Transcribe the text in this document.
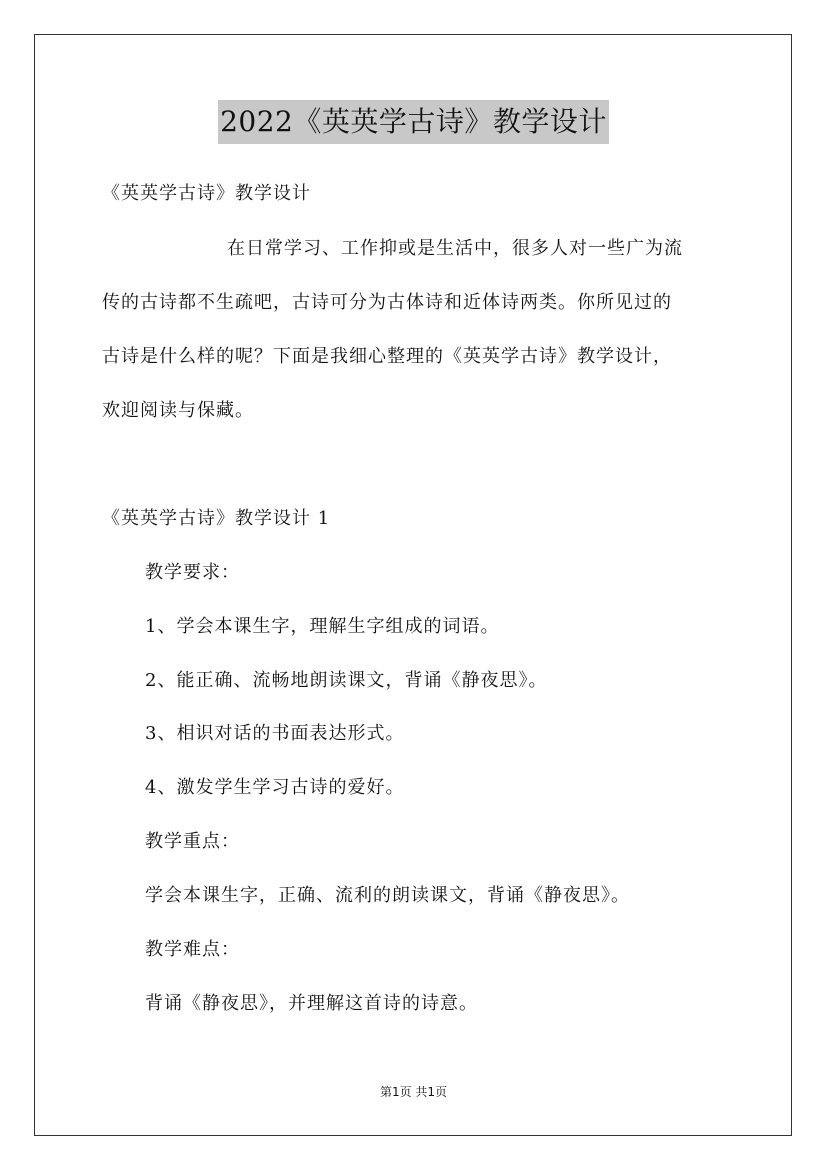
2022《英英学古诗》教学设计
《英英学古诗》教学设计
在日常学习、工作抑或是生活中，很多人对一些广为流
传的古诗都不生疏吧，古诗可分为古体诗和近体诗两类。你所见过的
古诗是什么样的呢？下面是我细心整理的《英英学古诗》教学设计，
欢迎阅读与保藏。
《英英学古诗》教学设计 1
教学要求：
1、学会本课生字，理解生字组成的词语。
2、能正确、流畅地朗读课文，背诵《静夜思》。
3、相识对话的书面表达形式。
4、激发学生学习古诗的爱好。
教学重点：
学会本课生字，正确、流利的朗读课文，背诵《静夜思》。
教学难点：
背诵《静夜思》，并理解这首诗的诗意。
第1页 共1页
